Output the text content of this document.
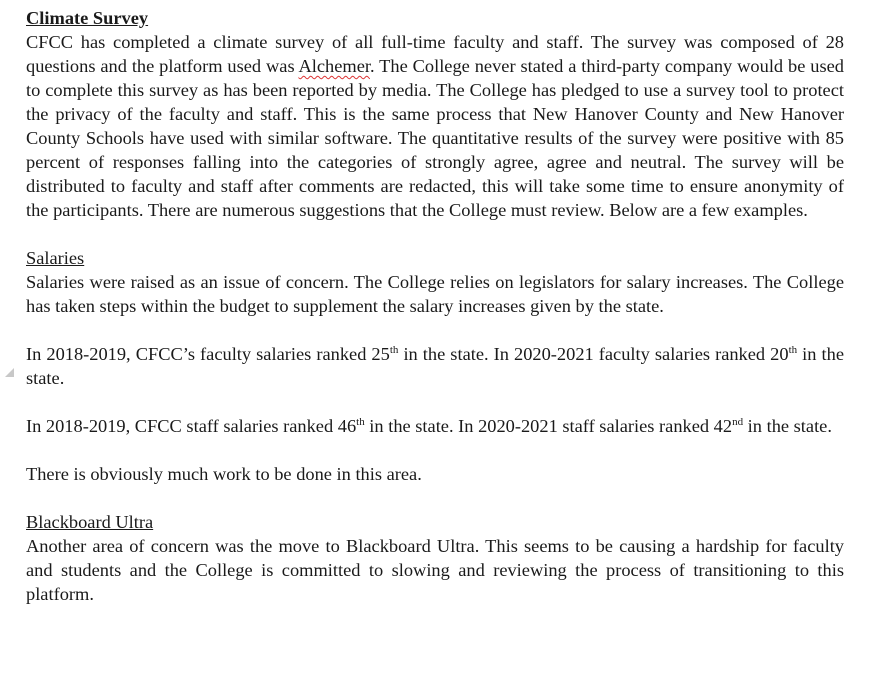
Climate Survey

CFCC has completed a climate survey of all full-time faculty and staff. The survey was composed of 28 questions and the platform used was Alchemer. The College never stated a third-party company would be used to complete this survey as has been reported by media. The College has pledged to use a survey tool to protect the privacy of the faculty and staff. This is the same process that New Hanover County and New Hanover County Schools have used with similar software. The quantitative results of the survey were positive with 85 percent of responses falling into the categories of strongly agree, agree and neutral. The survey will be distributed to faculty and staff after comments are redacted, this will take some time to ensure anonymity of the participants. There are numerous suggestions that the College must review. Below are a few examples.

Salaries

Salaries were raised as an issue of concern. The College relies on legislators for salary increases. The College has taken steps within the budget to supplement the salary increases given by the state.

In 2018-2019, CFCC’s faculty salaries ranked 25th in the state. In 2020-2021 faculty salaries ranked 20th in the state.

In 2018-2019, CFCC staff salaries ranked 46th in the state. In 2020-2021 staff salaries ranked 42nd in the state.

There is obviously much work to be done in this area.

Blackboard Ultra

Another area of concern was the move to Blackboard Ultra. This seems to be causing a hardship for faculty and students and the College is committed to slowing and reviewing the process of transitioning to this platform.
